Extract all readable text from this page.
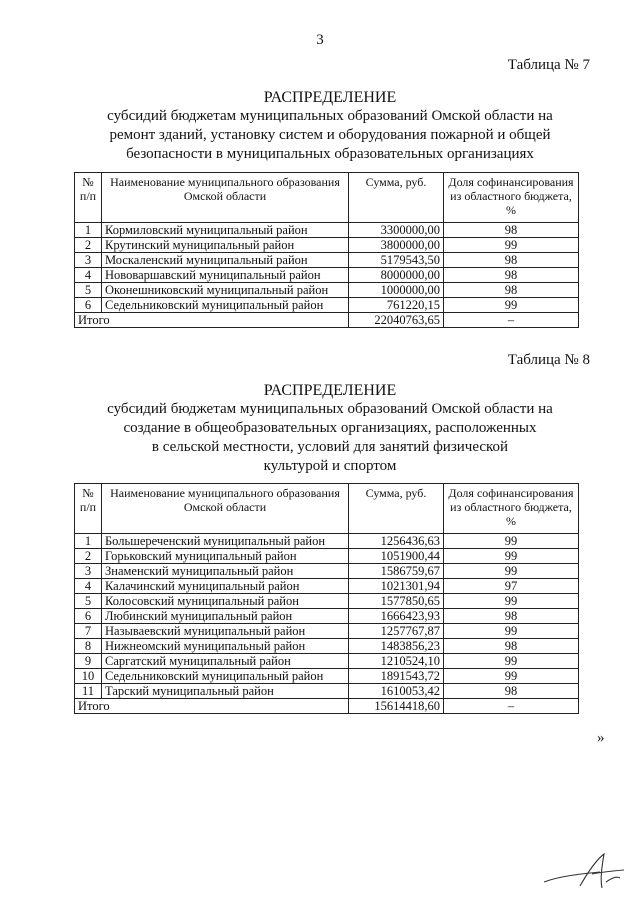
3
Таблица № 7
РАСПРЕДЕЛЕНИЕ
субсидий бюджетам муниципальных образований Омской области на
ремонт зданий, установку систем и оборудования пожарной и общей
безопасности в муниципальных образовательных организациях
№ п/п	Наименование муниципального образования Омской области	Сумма, руб.	Доля софинансирования из областного бюджета, %
1	Кормиловский муниципальный район	3300000,00	98
2	Крутинский муниципальный район	3800000,00	99
3	Москаленский муниципальный район	5179543,50	98
4	Нововаршавский муниципальный район	8000000,00	98
5	Оконешниковский муниципальный район	1000000,00	98
6	Седельниковский муниципальный район	761220,15	99
Итого		22040763,65	–
Таблица № 8
РАСПРЕДЕЛЕНИЕ
субсидий бюджетам муниципальных образований Омской области на
создание в общеобразовательных организациях, расположенных
в сельской местности, условий для занятий физической
культурой и спортом
№ п/п	Наименование муниципального образования Омской области	Сумма, руб.	Доля софинансирования из областного бюджета, %
1	Большереченский муниципальный район	1256436,63	99
2	Горьковский муниципальный район	1051900,44	99
3	Знаменский муниципальный район	1586759,67	99
4	Калачинский муниципальный район	1021301,94	97
5	Колосовский муниципальный район	1577850,65	99
6	Любинский муниципальный район	1666423,93	98
7	Называевский муниципальный район	1257767,87	99
8	Нижнеомский муниципальный район	1483856,23	98
9	Саргатский муниципальный район	1210524,10	99
10	Седельниковский муниципальный район	1891543,72	99
11	Тарский муниципальный район	1610053,42	98
Итого		15614418,60	–
»
